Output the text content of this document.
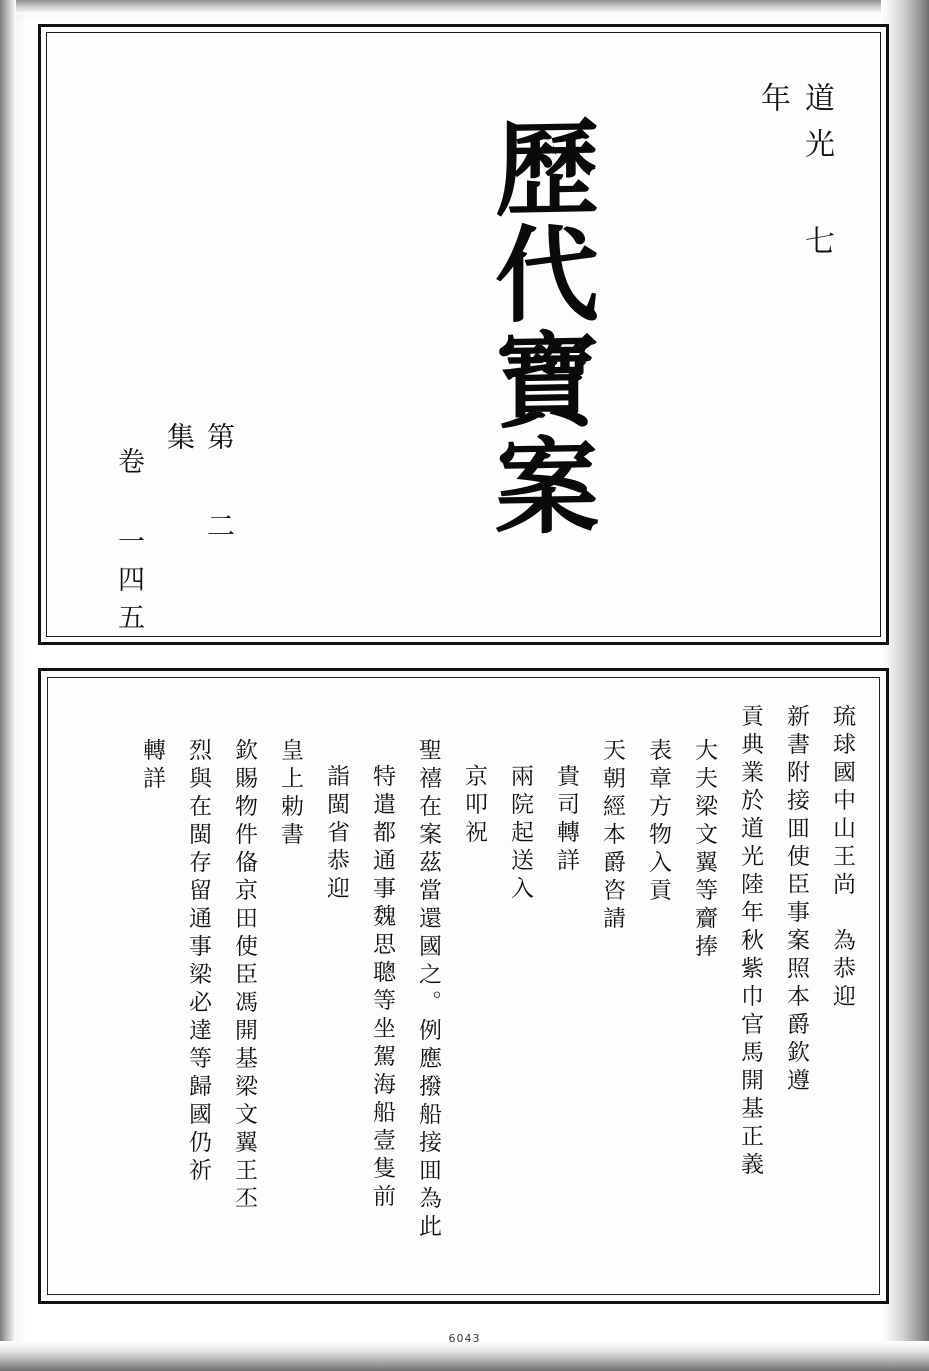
道光 七 年
歷代寶案
第 二 集
卷 一四五
琉球國中山王尚　為恭迎
新書附接囬使臣事案照本爵欽遵
貢典業於道光陸年秋紫巾官馬開基正義
大夫梁文翼等齎捧
表章方物入貢
天朝經本爵咨請
貴司轉詳
兩院起送入
京叩祝
聖禧在案茲當還國之。例應撥船接囬為此
特遣都通事魏思聰等坐駕海船壹隻前
詣閩省恭迎
皇上勅書
欽賜物件俻京田使臣馮開基梁文翼王丕
烈與在閩存留通事梁必達等歸國仍祈
轉詳
6043
